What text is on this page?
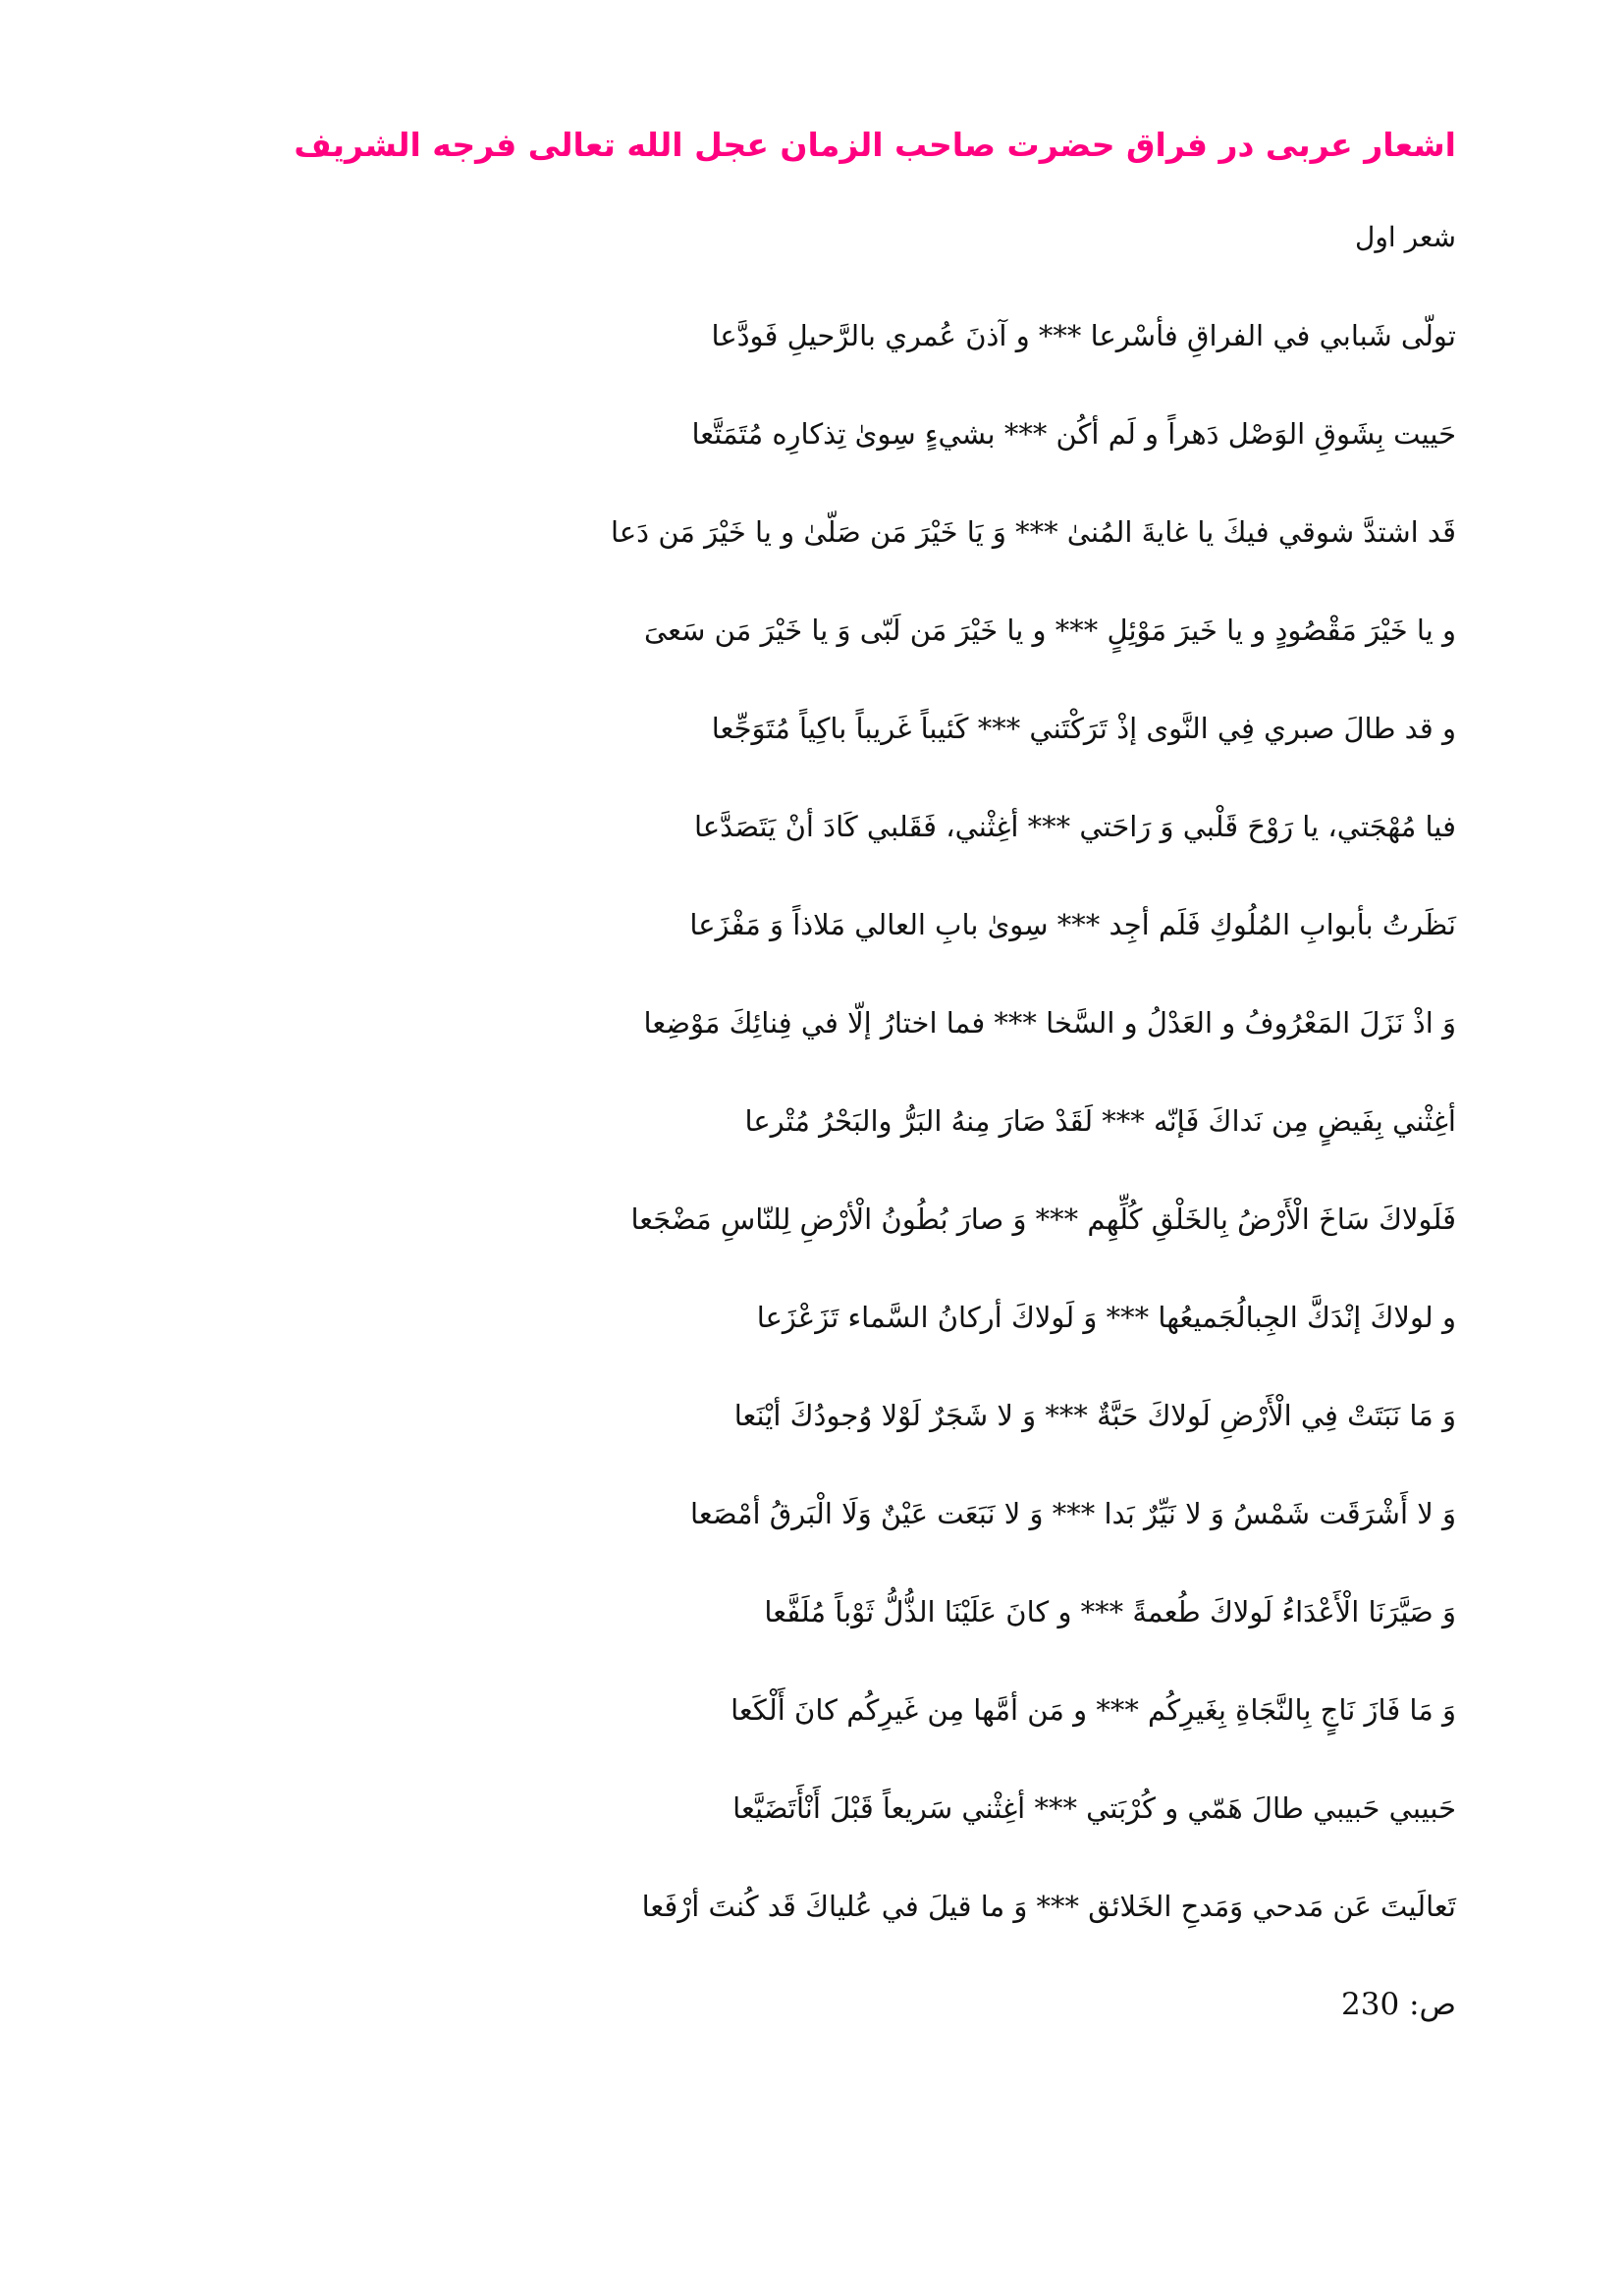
اشعار عربی در فراق حضرت صاحب الزمان عجل الله تعالی فرجه الشریف
شعر اول
تولّی شَبابي في الفراقِ فأسْرعا *** و آذنَ عُمري بالرَّحيلِ فَودَّعا
حَييت بِشَوقِ الوَصْل دَهراً و لَم أكُن *** بشيءٍ سِوىٰ تِذكارِه مُتَمَتَّعا
قَد اشتدَّ شوقي فيكَ يا غايةَ المُنىٰ *** وَ يَا خَيْرَ مَن صَلّىٰ و يا خَيْرَ مَن دَعا
و يا خَيْرَ مَقْصُودٍ و يا خَيرَ مَوْئِلٍ *** و يا خَيْرَ مَن لَبّى وَ يا خَيْرَ مَن سَعىَ
و قد طالَ صبري فِي النَّوى إذْ تَرَكْتَني *** كَئيباً غَريباً باكِياً مُتَوَجِّعا
فيا مُهْجَتي، يا رَوْحَ قَلْبي وَ رَاحَتي *** أغِثْني، فَقَلبي كَادَ أنْ يَتَصَدَّعا
نَظَرتُ بأبوابِ المُلُوكِ فَلَم أجِد *** سِوىٰ بابِ العالي مَلاذاً وَ مَفْزَعا
وَ اذْ نَزَلَ المَعْرُوفُ و العَدْلُ و السَّخا *** فما اختارُ إلّا في فِنائِكَ مَوْضِعا
أغِثْني بِفَيضٍ مِن نَداكَ فَإنّه *** لَقَدْ صَارَ مِنهُ البَرُّ والبَحْرُ مُتْرعا
فَلَولاكَ سَاخَ الْأَرْضُ بِالخَلْقِ كُلِّهِم *** وَ صارَ بُطُونُ الْأرْضِ لِلنّاسِ مَضْجَعا
و لولاكَ إنْدَكَّ الجِبالُجَميعُها *** وَ لَولاكَ أركانُ السَّماء تَزَعْزَعا
وَ مَا نَبَتَتْ فِي الْأَرْضِ لَولاكَ حَبَّةٌ *** وَ لا شَجَرٌ لَوْلا وُجودُكَ أيْنَعا
وَ لا أَشْرَقَت شَمْسُ وَ لا نَيِّرٌ بَدا *** وَ لا نَبَعَت عَيْنٌ وَلَا الْبَرقُ أمْصَعا
وَ صَيَّرَنَا الْأَعْدَاءُ لَولاكَ طُعمةً *** و كانَ عَلَيْنَا الذُّلُّ ثَوْباً مُلَفَّعا
وَ مَا فَازَ نَاجٍ بِالنَّجَاةِ بِغَيرِكُم *** و مَن أمَّها مِن غَيرِكُم كانَ أَلْكَعا
حَبيبي حَبيبي طالَ هَمّي و كُرْبَتي *** أغِثْني سَريعاً قَبْلَ أَنْأَتَضَيَّعا
تَعالَيتَ عَن مَدحي وَمَدحِ الخَلائق *** وَ ما قيلَ في عُلياكَ قَد كُنتَ أرْفَعا
ص: 230
